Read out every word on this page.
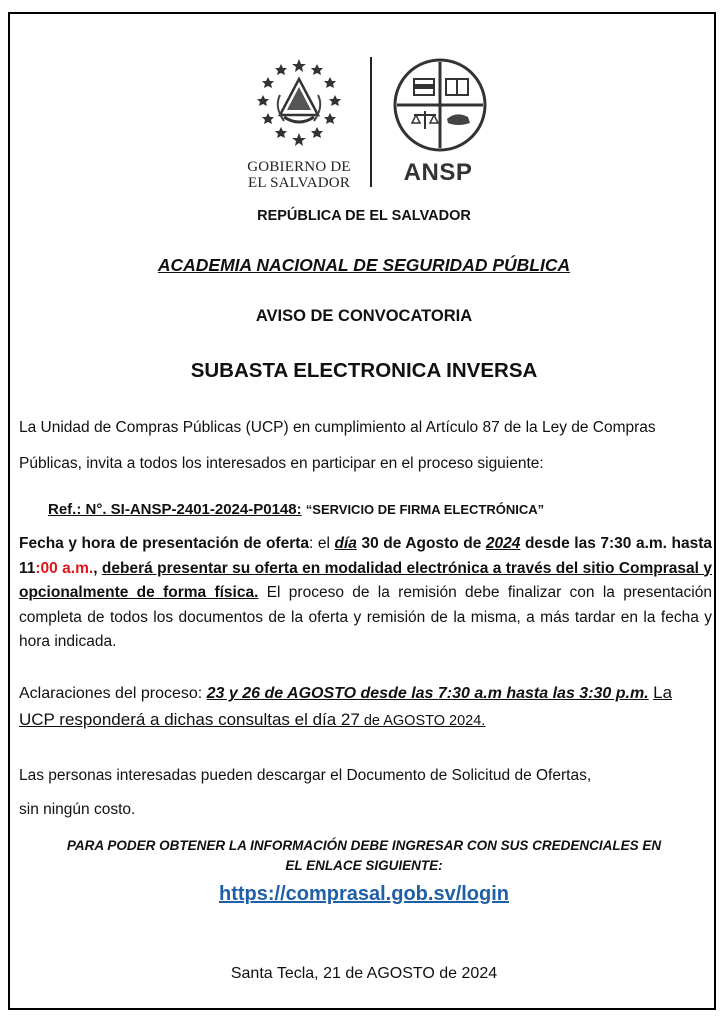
GOBIERNO DE
EL SALVADOR	ANSP
REPÚBLICA DE EL SALVADOR
ACADEMIA NACIONAL DE SEGURIDAD PÚBLICA
AVISO DE CONVOCATORIA
SUBASTA ELECTRONICA INVERSA
La Unidad de Compras Públicas (UCP) en cumplimiento al Artículo 87 de la Ley de Compras
Públicas, invita a todos los interesados en participar en el proceso siguiente:
Ref.: N°. SI-ANSP-2401-2024-P0148: “SERVICIO DE FIRMA ELECTRÓNICA”
Fecha y hora de presentación de oferta: el día 30 de Agosto de 2024 desde las 7:30 a.m. hasta 11:00 a.m., deberá presentar su oferta en modalidad electrónica a través del sitio Comprasal y opcionalmente de forma física. El proceso de la remisión debe finalizar con la presentación completa de todos los documentos de la oferta y remisión de la misma, a más tardar en la fecha y hora indicada.
Aclaraciones del proceso: 23 y 26 de AGOSTO desde las 7:30 a.m hasta las 3:30 p.m. La UCP responderá a dichas consultas el día 27 de AGOSTO 2024.
Las personas interesadas pueden descargar el Documento de Solicitud de Ofertas,
sin ningún costo.
PARA PODER OBTENER LA INFORMACIÓN DEBE INGRESAR CON SUS CREDENCIALES EN
EL ENLACE SIGUIENTE:
https://comprasal.gob.sv/login
Santa Tecla, 21 de AGOSTO de 2024
